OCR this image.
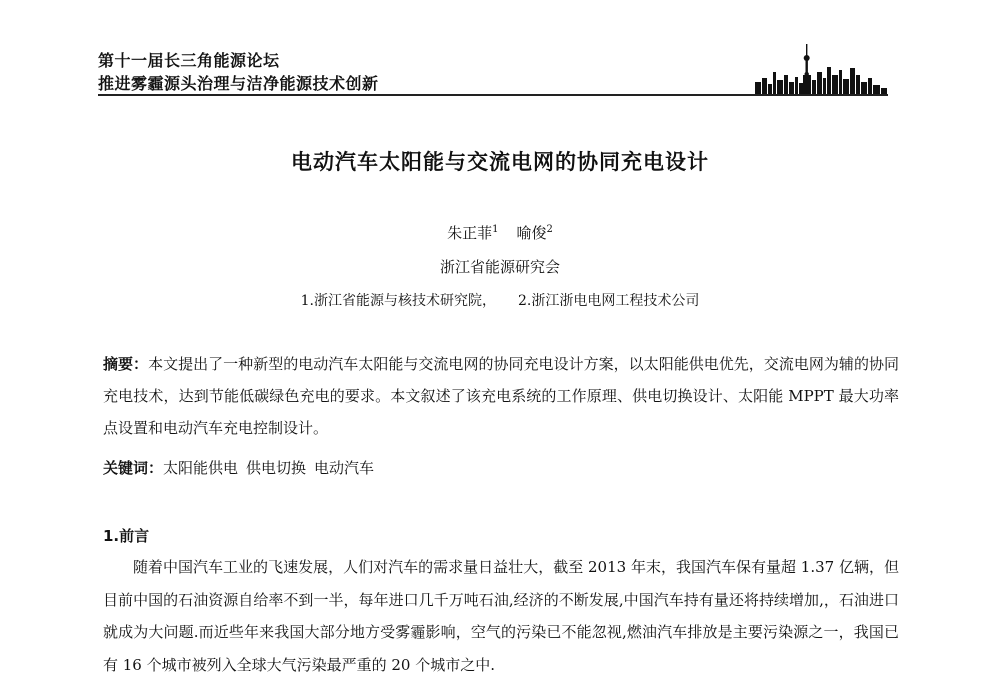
第十一届长三角能源论坛
推进雾霾源头治理与洁净能源技术创新
电动汽车太阳能与交流电网的协同充电设计
朱正菲$^1$ 喻俊$^2$
浙江省能源研究会
1.浙江省能源与核技术研究院， 2.浙江浙电电网工程技术公司
摘要：本文提出了一种新型的电动汽车太阳能与交流电网的协同充电设计方案，以太阳能供电优先，交流电网为辅的协同充电技术，达到节能低碳绿色充电的要求。本文叙述了该充电系统的工作原理、供电切换设计、太阳能 MPPT 最大功率点设置和电动汽车充电控制设计。
关键词：太阳能供电 供电切换 电动汽车
1.前言
随着中国汽车工业的飞速发展，人们对汽车的需求量日益壮大，截至 2013 年末，我国汽车保有量超 1.37 亿辆，但目前中国的石油资源自给率不到一半，每年进口几千万吨石油,经济的不断发展,中国汽车持有量还将持续增加,，石油进口就成为大问题.而近些年来我国大部分地方受雾霾影响，空气的污染已不能忽视,燃油汽车排放是主要污染源之一，我国已有 16 个城市被列入全球大气污染最严重的 20 个城市之中.
